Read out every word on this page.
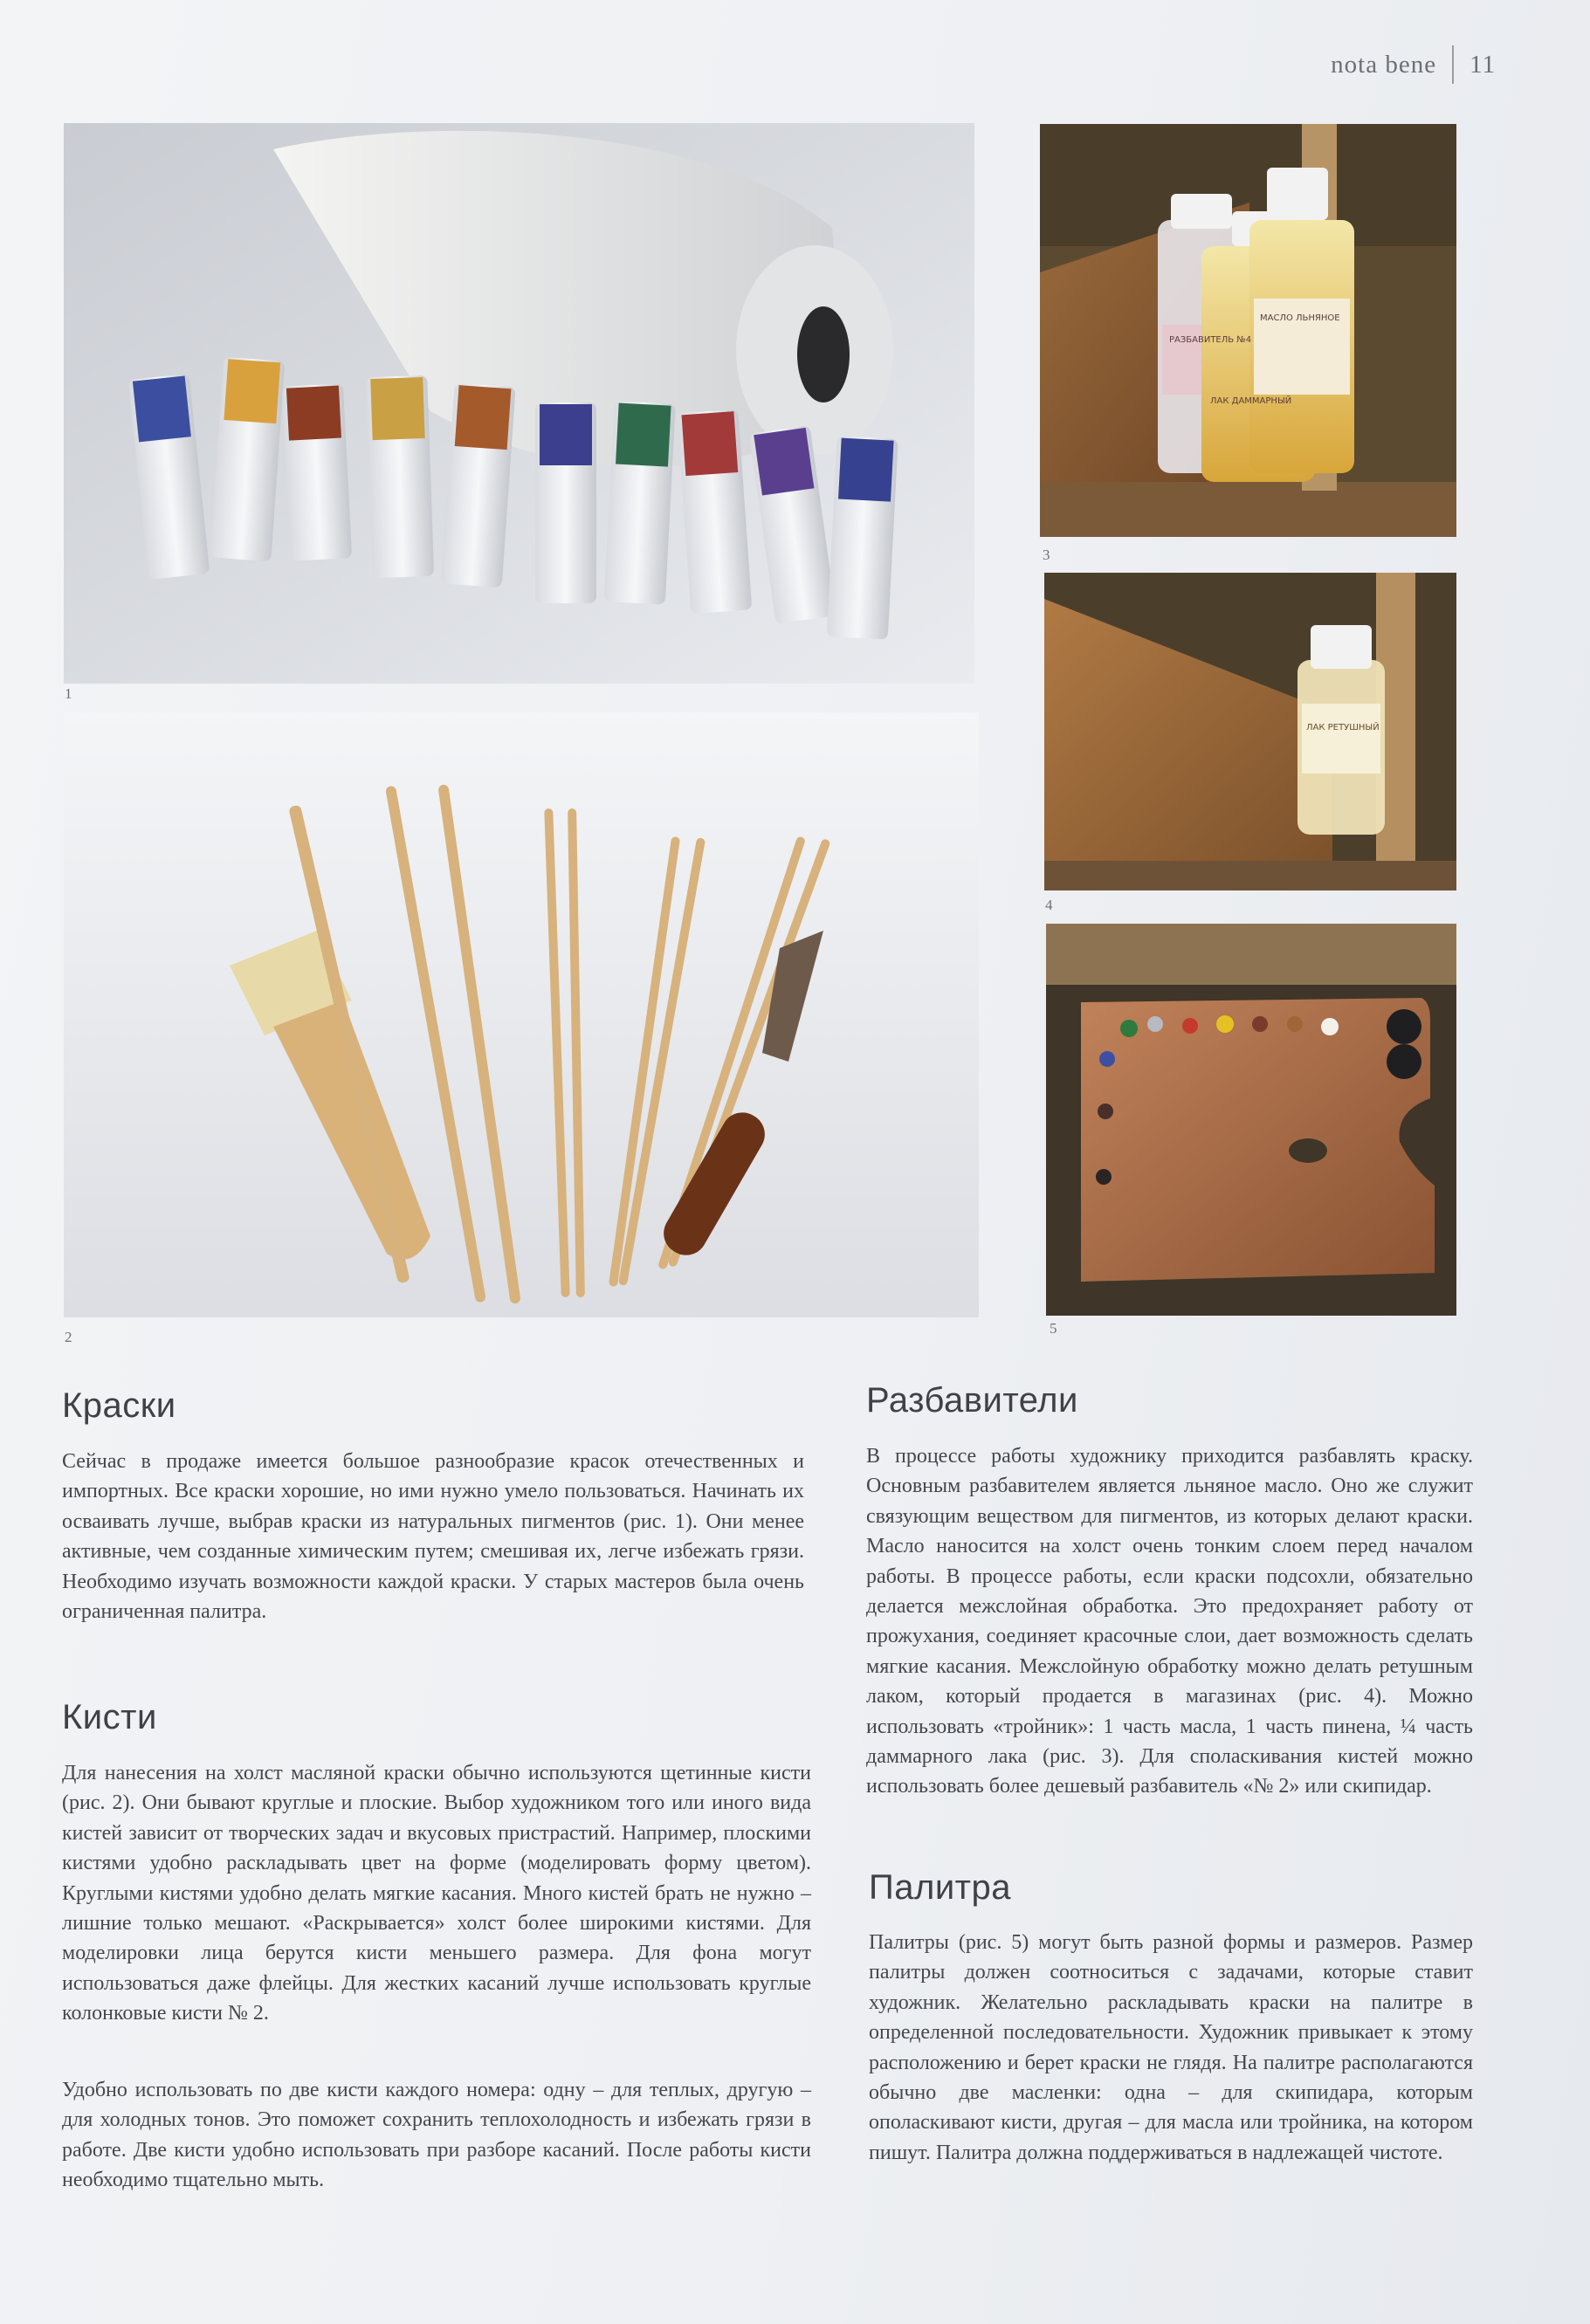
nota bene 11
1
2
РАЗБАВИТЕЛЬ №4
ЛАК ДАММАРНЫЙ
МАСЛО ЛЬНЯНОЕ
3
ЛАК РЕТУШНЫЙ
4
5
Краски

Сейчас в продаже имеется большое разнообразие красок отечественных и импортных. Все краски хорошие, но ими нужно умело пользоваться. Начинать их осваивать лучше, выбрав краски из натуральных пигментов (рис. 1). Они менее активные, чем созданные химическим путем; смешивая их, легче избежать грязи. Необходимо изучать возможности каждой краски. У старых мастеров была очень ограниченная палитра.

Кисти

Для нанесения на холст масляной краски обычно используются щетинные кисти (рис. 2). Они бывают круглые и плоские. Выбор художником того или иного вида кистей зависит от творческих задач и вкусовых пристрастий. Например, плоскими кистями удобно раскладывать цвет на форме (моделировать форму цветом). Круглыми кистями удобно делать мягкие касания. Много кистей брать не нужно – лишние только мешают. «Раскрывается» холст более широкими кистями. Для моделировки лица берутся кисти меньшего размера. Для фона могут использоваться даже флейцы. Для жестких касаний лучше использовать круглые колонковые кисти № 2.

Удобно использовать по две кисти каждого номера: одну – для теплых, другую – для холодных тонов. Это поможет сохранить теплохолодность и избежать грязи в работе. Две кисти удобно использовать при разборе касаний. После работы кисти необходимо тщательно мыть.

Разбавители

В процессе работы художнику приходится разбавлять краску. Основным разбавителем является льняное масло. Оно же служит связующим веществом для пигментов, из которых делают краски. Масло наносится на холст очень тонким слоем перед началом работы. В процессе работы, если краски подсохли, обязательно делается межслойная обработка. Это предохраняет работу от прожухания, соединяет красочные слои, дает возможность сделать мягкие касания. Межслойную обработку можно делать ретушным лаком, который продается в магазинах (рис. 4). Можно использовать «тройник»: 1 часть масла, 1 часть пинена, ¼ часть даммарного лака (рис. 3). Для споласкивания кистей можно использовать более дешевый разбавитель «№ 2» или скипидар.

Палитра

Палитры (рис. 5) могут быть разной формы и размеров. Размер палитры должен соотноситься с задачами, которые ставит художник. Желательно раскладывать краски на палитре в определенной последовательности. Художник привыкает к этому расположению и берет краски не глядя. На палитре располагаются обычно две масленки: одна – для скипидара, которым ополаскивают кисти, другая – для масла или тройника, на котором пишут. Палитра должна поддерживаться в надлежащей чистоте.
